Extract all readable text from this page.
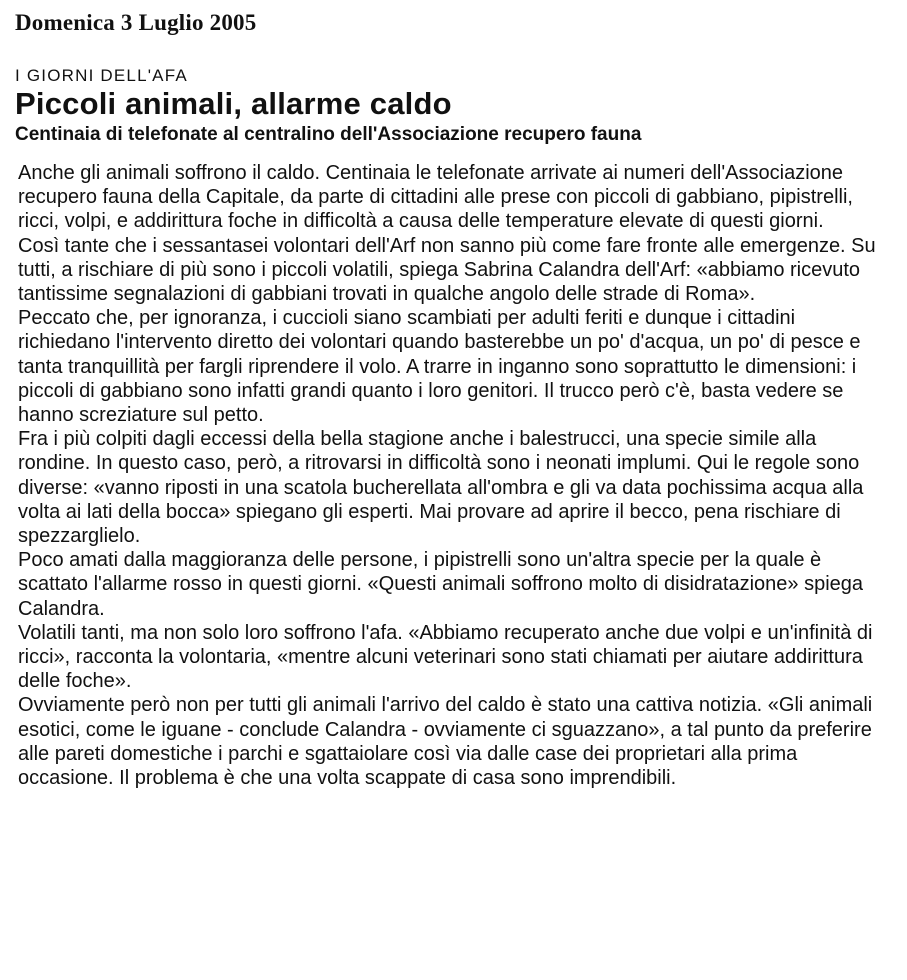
Domenica 3 Luglio 2005
I GIORNI DELL'AFA
Piccoli animali, allarme caldo
Centinaia di telefonate al centralino dell'Associazione recupero fauna

Anche gli animali soffrono il caldo. Centinaia le telefonate arrivate ai numeri dell'Associazione recupero fauna della Capitale, da parte di cittadini alle prese con piccoli di gabbiano, pipistrelli, ricci, volpi, e addirittura foche in difficoltà a causa delle temperature elevate di questi giorni.

Così tante che i sessantasei volontari dell'Arf non sanno più come fare fronte alle emergenze. Su tutti, a rischiare di più sono i piccoli volatili, spiega Sabrina Calandra dell'Arf: «abbiamo ricevuto tantissime segnalazioni di gabbiani trovati in qualche angolo delle strade di Roma».

Peccato che, per ignoranza, i cuccioli siano scambiati per adulti feriti e dunque i cittadini richiedano l'intervento diretto dei volontari quando basterebbe un po' d'acqua, un po' di pesce e tanta tranquillità per fargli riprendere il volo. A trarre in inganno sono soprattutto le dimensioni: i piccoli di gabbiano sono infatti grandi quanto i loro genitori. Il trucco però c'è, basta vedere se hanno screziature sul petto.

Fra i più colpiti dagli eccessi della bella stagione anche i balestrucci, una specie simile alla rondine. In questo caso, però, a ritrovarsi in difficoltà sono i neonati implumi. Qui le regole sono diverse: «vanno riposti in una scatola bucherellata all'ombra e gli va data pochissima acqua alla volta ai lati della bocca» spiegano gli esperti. Mai provare ad aprire il becco, pena rischiare di spezzarglielo.

Poco amati dalla maggioranza delle persone, i pipistrelli sono un'altra specie per la quale è scattato l'allarme rosso in questi giorni. «Questi animali soffrono molto di disidratazione» spiega Calandra.

Volatili tanti, ma non solo loro soffrono l'afa. «Abbiamo recuperato anche due volpi e un'infinità di ricci», racconta la volontaria, «mentre alcuni veterinari sono stati chiamati per aiutare addirittura delle foche».

Ovviamente però non per tutti gli animali l'arrivo del caldo è stato una cattiva notizia. «Gli animali esotici, come le iguane - conclude Calandra - ovviamente ci sguazzano», a tal punto da preferire alle pareti domestiche i parchi e sgattaiolare così via dalle case dei proprietari alla prima occasione. Il problema è che una volta scappate di casa sono imprendibili.
